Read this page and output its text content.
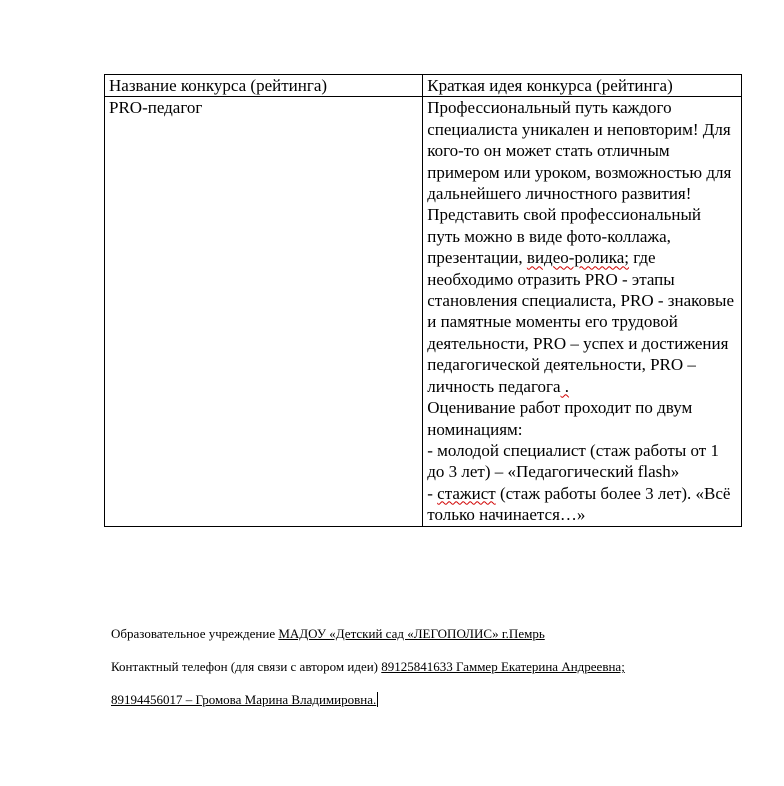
Название конкурса (рейтинга)	Краткая идея конкурса (рейтинга)
PRO-педагог	Профессиональный путь каждого специалиста уникален и неповторим! Для кого-то он может стать отличным примером или уроком, возможностью для дальнейшего личностного развития!

Представить свой профессиональный путь можно в виде фото-коллажа, презентации, видео-ролика; где необходимо отразить PRO - этапы становления специалиста, PRO - знаковые и памятные моменты его трудовой деятельности, PRO – успех и достижения педагогической деятельности, PRO – личность педагога .

Оценивание работ проходит по двум номинациям:

- молодой специалист (стаж работы от 1 до 3 лет) – «Педагогический flash»

- стажист (стаж работы более 3 лет). «Всё только начинается…»

Образовательное учреждение МАДОУ «Детский сад «ЛЕГОПОЛИС» г.Пемрь

Контактный телефон (для связи с автором идеи) 89125841633 Гаммер Екатерина Андреевна;

89194456017 – Громова Марина Владимировна.
